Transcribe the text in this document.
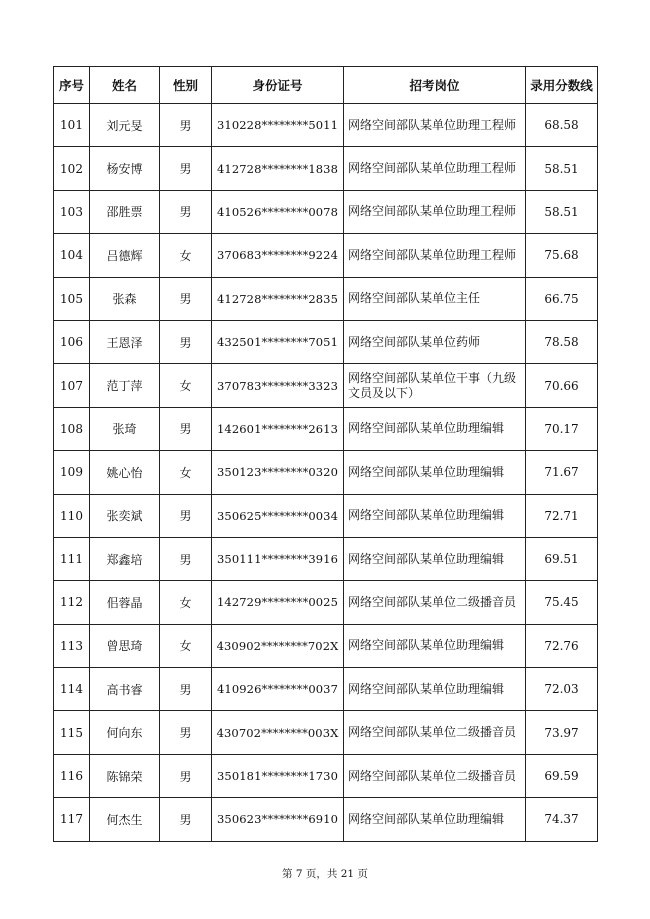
序号	姓名	性别	身份证号	招考岗位	录用分数线
101	刘元旻	男	310228********5011	网络空间部队某单位助理工程师	68.58
102	杨安博	男	412728********1838	网络空间部队某单位助理工程师	58.51
103	邵胜票	男	410526********0078	网络空间部队某单位助理工程师	58.51
104	吕德辉	女	370683********9224	网络空间部队某单位助理工程师	75.68
105	张森	男	412728********2835	网络空间部队某单位主任	66.75
106	王恩泽	男	432501********7051	网络空间部队某单位药师	78.58
107	范丁萍	女	370783********3323	网络空间部队某单位干事（九级文员及以下）	70.66
108	张琦	男	142601********2613	网络空间部队某单位助理编辑	70.17
109	姚心怡	女	350123********0320	网络空间部队某单位助理编辑	71.67
110	张奕斌	男	350625********0034	网络空间部队某单位助理编辑	72.71
111	郑鑫培	男	350111********3916	网络空间部队某单位助理编辑	69.51
112	佀蓉晶	女	142729********0025	网络空间部队某单位二级播音员	75.45
113	曾思琦	女	430902********702X	网络空间部队某单位助理编辑	72.76
114	高书睿	男	410926********0037	网络空间部队某单位助理编辑	72.03
115	何向东	男	430702********003X	网络空间部队某单位二级播音员	73.97
116	陈锦荣	男	350181********1730	网络空间部队某单位二级播音员	69.59
117	何杰生	男	350623********6910	网络空间部队某单位助理编辑	74.37
第 7 页，共 21 页
